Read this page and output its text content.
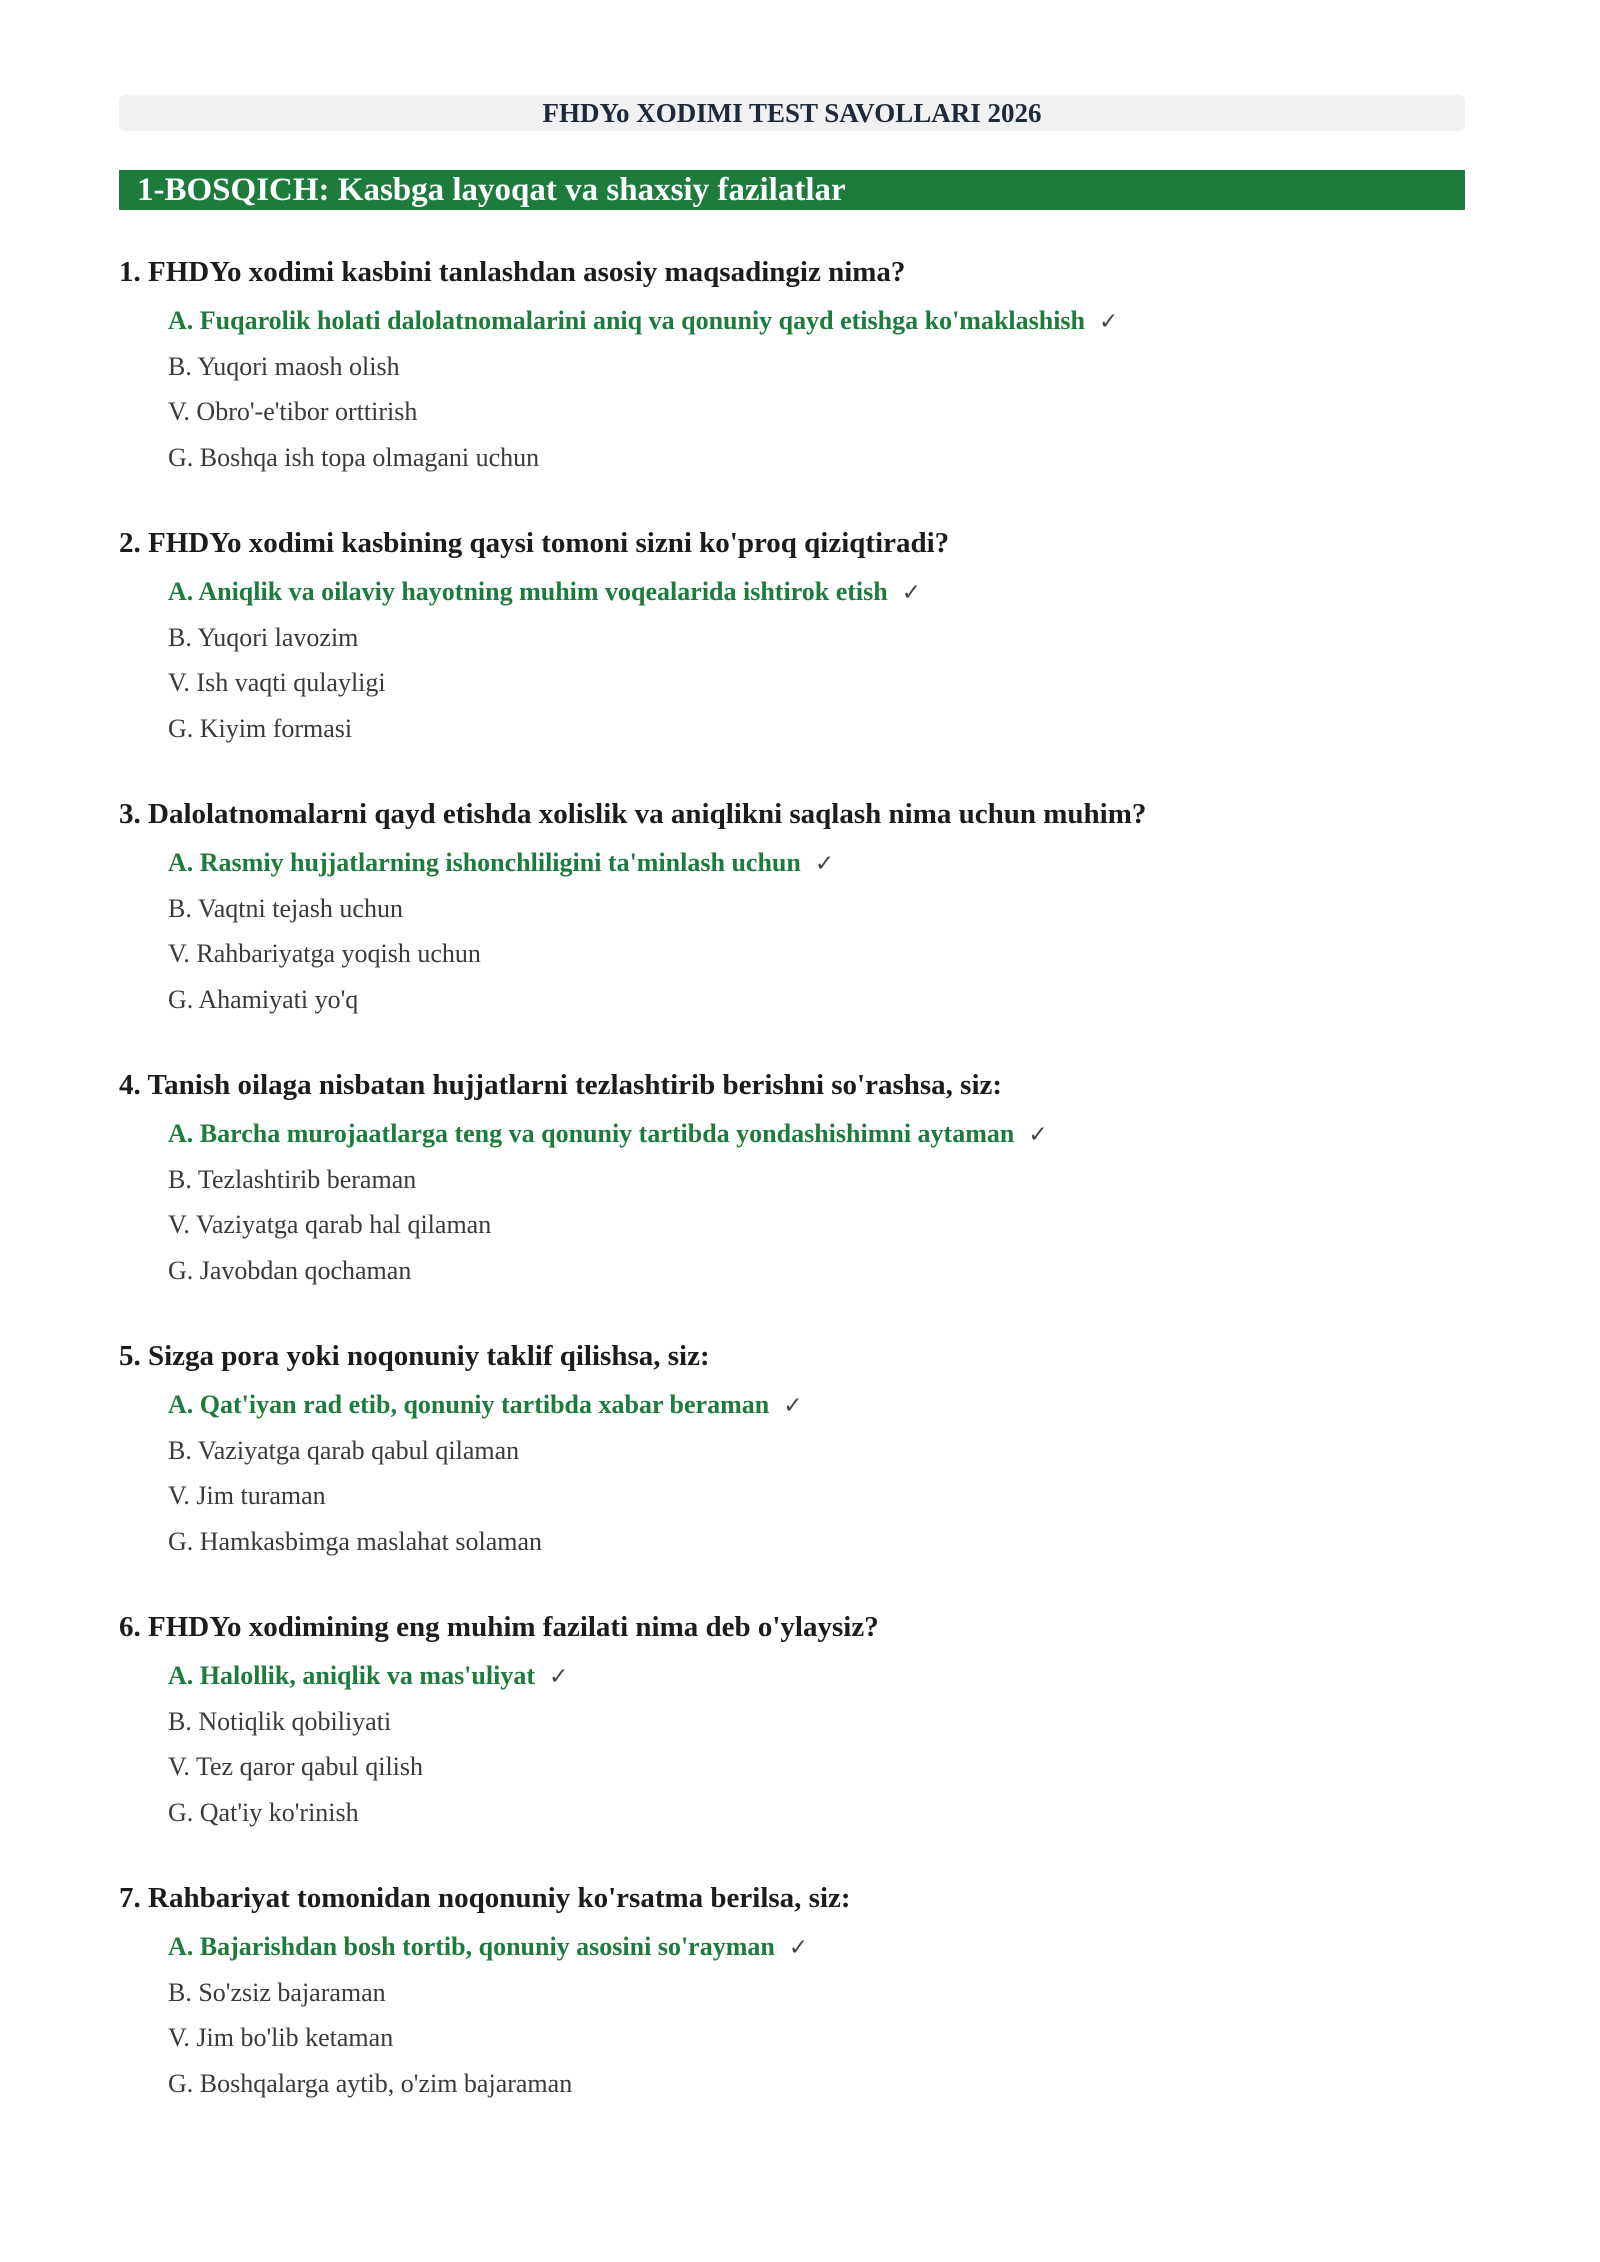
FHDYo XODIMI TEST SAVOLLARI 2026
1-BOSQICH: Kasbga layoqat va shaxsiy fazilatlar
1. FHDYo xodimi kasbini tanlashdan asosiy maqsadingiz nima?
A. Fuqarolik holati dalolatnomalarini aniq va qonuniy qayd etishga ko'maklashish ✓
B. Yuqori maosh olish
V. Obro'-e'tibor orttirish
G. Boshqa ish topa olmagani uchun
2. FHDYo xodimi kasbining qaysi tomoni sizni ko'proq qiziqtiradi?
A. Aniqlik va oilaviy hayotning muhim voqealarida ishtirok etish ✓
B. Yuqori lavozim
V. Ish vaqti qulayligi
G. Kiyim formasi
3. Dalolatnomalarni qayd etishda xolislik va aniqlikni saqlash nima uchun muhim?
A. Rasmiy hujjatlarning ishonchliligini ta'minlash uchun ✓
B. Vaqtni tejash uchun
V. Rahbariyatga yoqish uchun
G. Ahamiyati yo'q
4. Tanish oilaga nisbatan hujjatlarni tezlashtirib berishni so'rashsa, siz:
A. Barcha murojaatlarga teng va qonuniy tartibda yondashishimni aytaman ✓
B. Tezlashtirib beraman
V. Vaziyatga qarab hal qilaman
G. Javobdan qochaman
5. Sizga pora yoki noqonuniy taklif qilishsa, siz:
A. Qat'iyan rad etib, qonuniy tartibda xabar beraman ✓
B. Vaziyatga qarab qabul qilaman
V. Jim turaman
G. Hamkasbimga maslahat solaman
6. FHDYo xodimining eng muhim fazilati nima deb o'ylaysiz?
A. Halollik, aniqlik va mas'uliyat ✓
B. Notiqlik qobiliyati
V. Tez qaror qabul qilish
G. Qat'iy ko'rinish
7. Rahbariyat tomonidan noqonuniy ko'rsatma berilsa, siz:
A. Bajarishdan bosh tortib, qonuniy asosini so'rayman ✓
B. So'zsiz bajaraman
V. Jim bo'lib ketaman
G. Boshqalarga aytib, o'zim bajaraman
